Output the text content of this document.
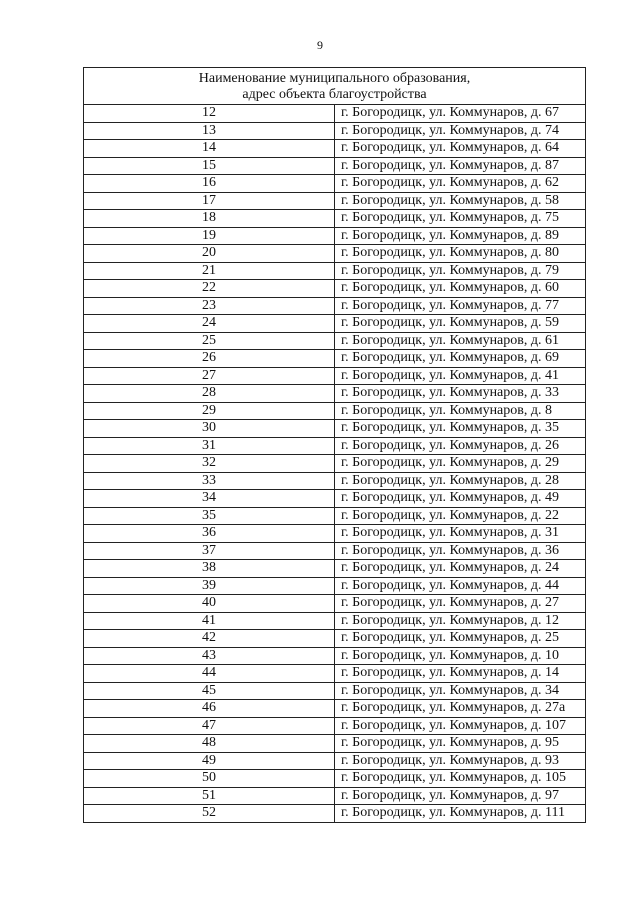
9
Наименование муниципального образования,
адрес объекта благоустройства	

12	г. Богородицк, ул. Коммунаров, д. 67
13	г. Богородицк, ул. Коммунаров, д. 74
14	г. Богородицк, ул. Коммунаров, д. 64
15	г. Богородицк, ул. Коммунаров, д. 87
16	г. Богородицк, ул. Коммунаров, д. 62
17	г. Богородицк, ул. Коммунаров, д. 58
18	г. Богородицк, ул. Коммунаров, д. 75
19	г. Богородицк, ул. Коммунаров, д. 89
20	г. Богородицк, ул. Коммунаров, д. 80
21	г. Богородицк, ул. Коммунаров, д. 79
22	г. Богородицк, ул. Коммунаров, д. 60
23	г. Богородицк, ул. Коммунаров, д. 77
24	г. Богородицк, ул. Коммунаров, д. 59
25	г. Богородицк, ул. Коммунаров, д. 61
26	г. Богородицк, ул. Коммунаров, д. 69
27	г. Богородицк, ул. Коммунаров, д. 41
28	г. Богородицк, ул. Коммунаров, д. 33
29	г. Богородицк, ул. Коммунаров, д. 8
30	г. Богородицк, ул. Коммунаров, д. 35
31	г. Богородицк, ул. Коммунаров, д. 26
32	г. Богородицк, ул. Коммунаров, д. 29
33	г. Богородицк, ул. Коммунаров, д. 28
34	г. Богородицк, ул. Коммунаров, д. 49
35	г. Богородицк, ул. Коммунаров, д. 22
36	г. Богородицк, ул. Коммунаров, д. 31
37	г. Богородицк, ул. Коммунаров, д. 36
38	г. Богородицк, ул. Коммунаров, д. 24
39	г. Богородицк, ул. Коммунаров, д. 44
40	г. Богородицк, ул. Коммунаров, д. 27
41	г. Богородицк, ул. Коммунаров, д. 12
42	г. Богородицк, ул. Коммунаров, д. 25
43	г. Богородицк, ул. Коммунаров, д. 10
44	г. Богородицк, ул. Коммунаров, д. 14
45	г. Богородицк, ул. Коммунаров, д. 34
46	г. Богородицк, ул. Коммунаров, д. 27а
47	г. Богородицк, ул. Коммунаров, д. 107
48	г. Богородицк, ул. Коммунаров, д. 95
49	г. Богородицк, ул. Коммунаров, д. 93
50	г. Богородицк, ул. Коммунаров, д. 105
51	г. Богородицк, ул. Коммунаров, д. 97
52	г. Богородицк, ул. Коммунаров, д. 111
